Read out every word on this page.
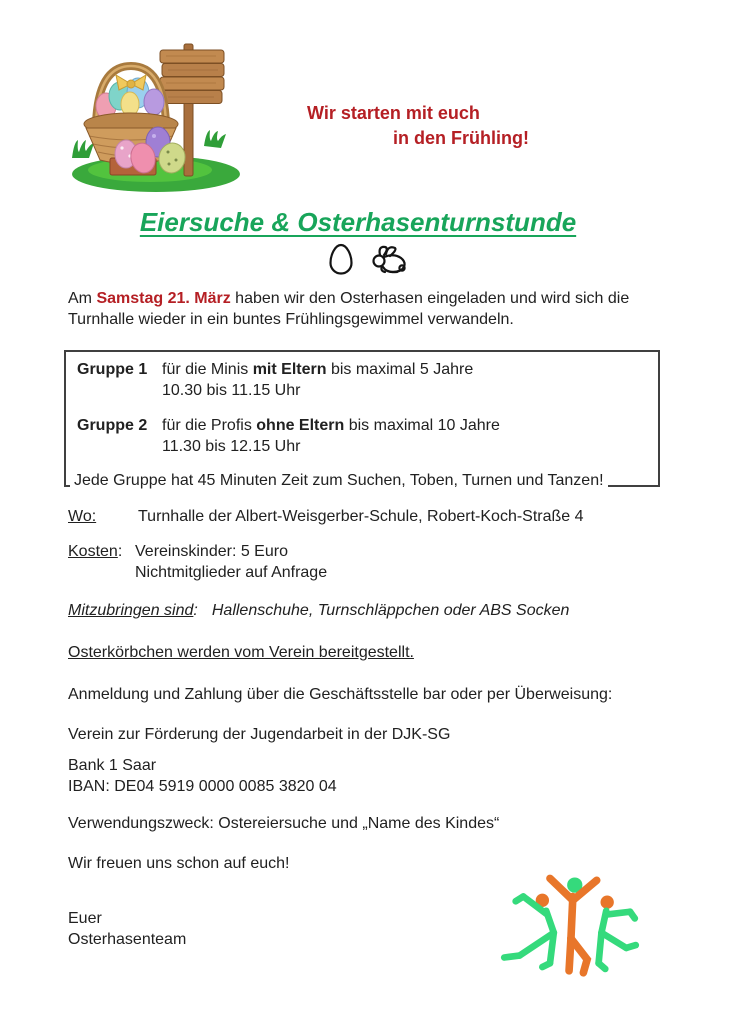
Wir starten mit euch
in den Frühling!
Eiersuche & Osterhasenturnstunde

Am Samstag 21. März haben wir den Osterhasen eingeladen und wird sich die Turnhalle wieder in ein buntes Frühlingsgewimmel verwandeln.

Gruppe 1 für die Minis mit Eltern bis maximal 5 Jahre
10.30 bis 11.15 Uhr
Gruppe 2 für die Profis ohne Eltern bis maximal 10 Jahre
11.30 bis 12.15 Uhr
Jede Gruppe hat 45 Minuten Zeit zum Suchen, Toben, Turnen und Tanzen!
Wo:	Turnhalle der Albert-Weisgerber-Schule, Robert-Koch-Straße 4
Kosten: Vereinskinder: 5 Euro
Nichtmitglieder auf Anfrage
Mitzubringen sind: Hallenschuhe, Turnschläppchen oder ABS Socken
Osterkörbchen werden vom Verein bereitgestellt.
Anmeldung und Zahlung über die Geschäftsstelle bar oder per Überweisung:
Verein zur Förderung der Jugendarbeit in der DJK-SG
Bank 1 Saar
IBAN: DE04 5919 0000 0085 3820 04
Verwendungszweck: Ostereiersuche und „Name des Kindes“
Wir freuen uns schon auf euch!
Euer
Osterhasenteam
